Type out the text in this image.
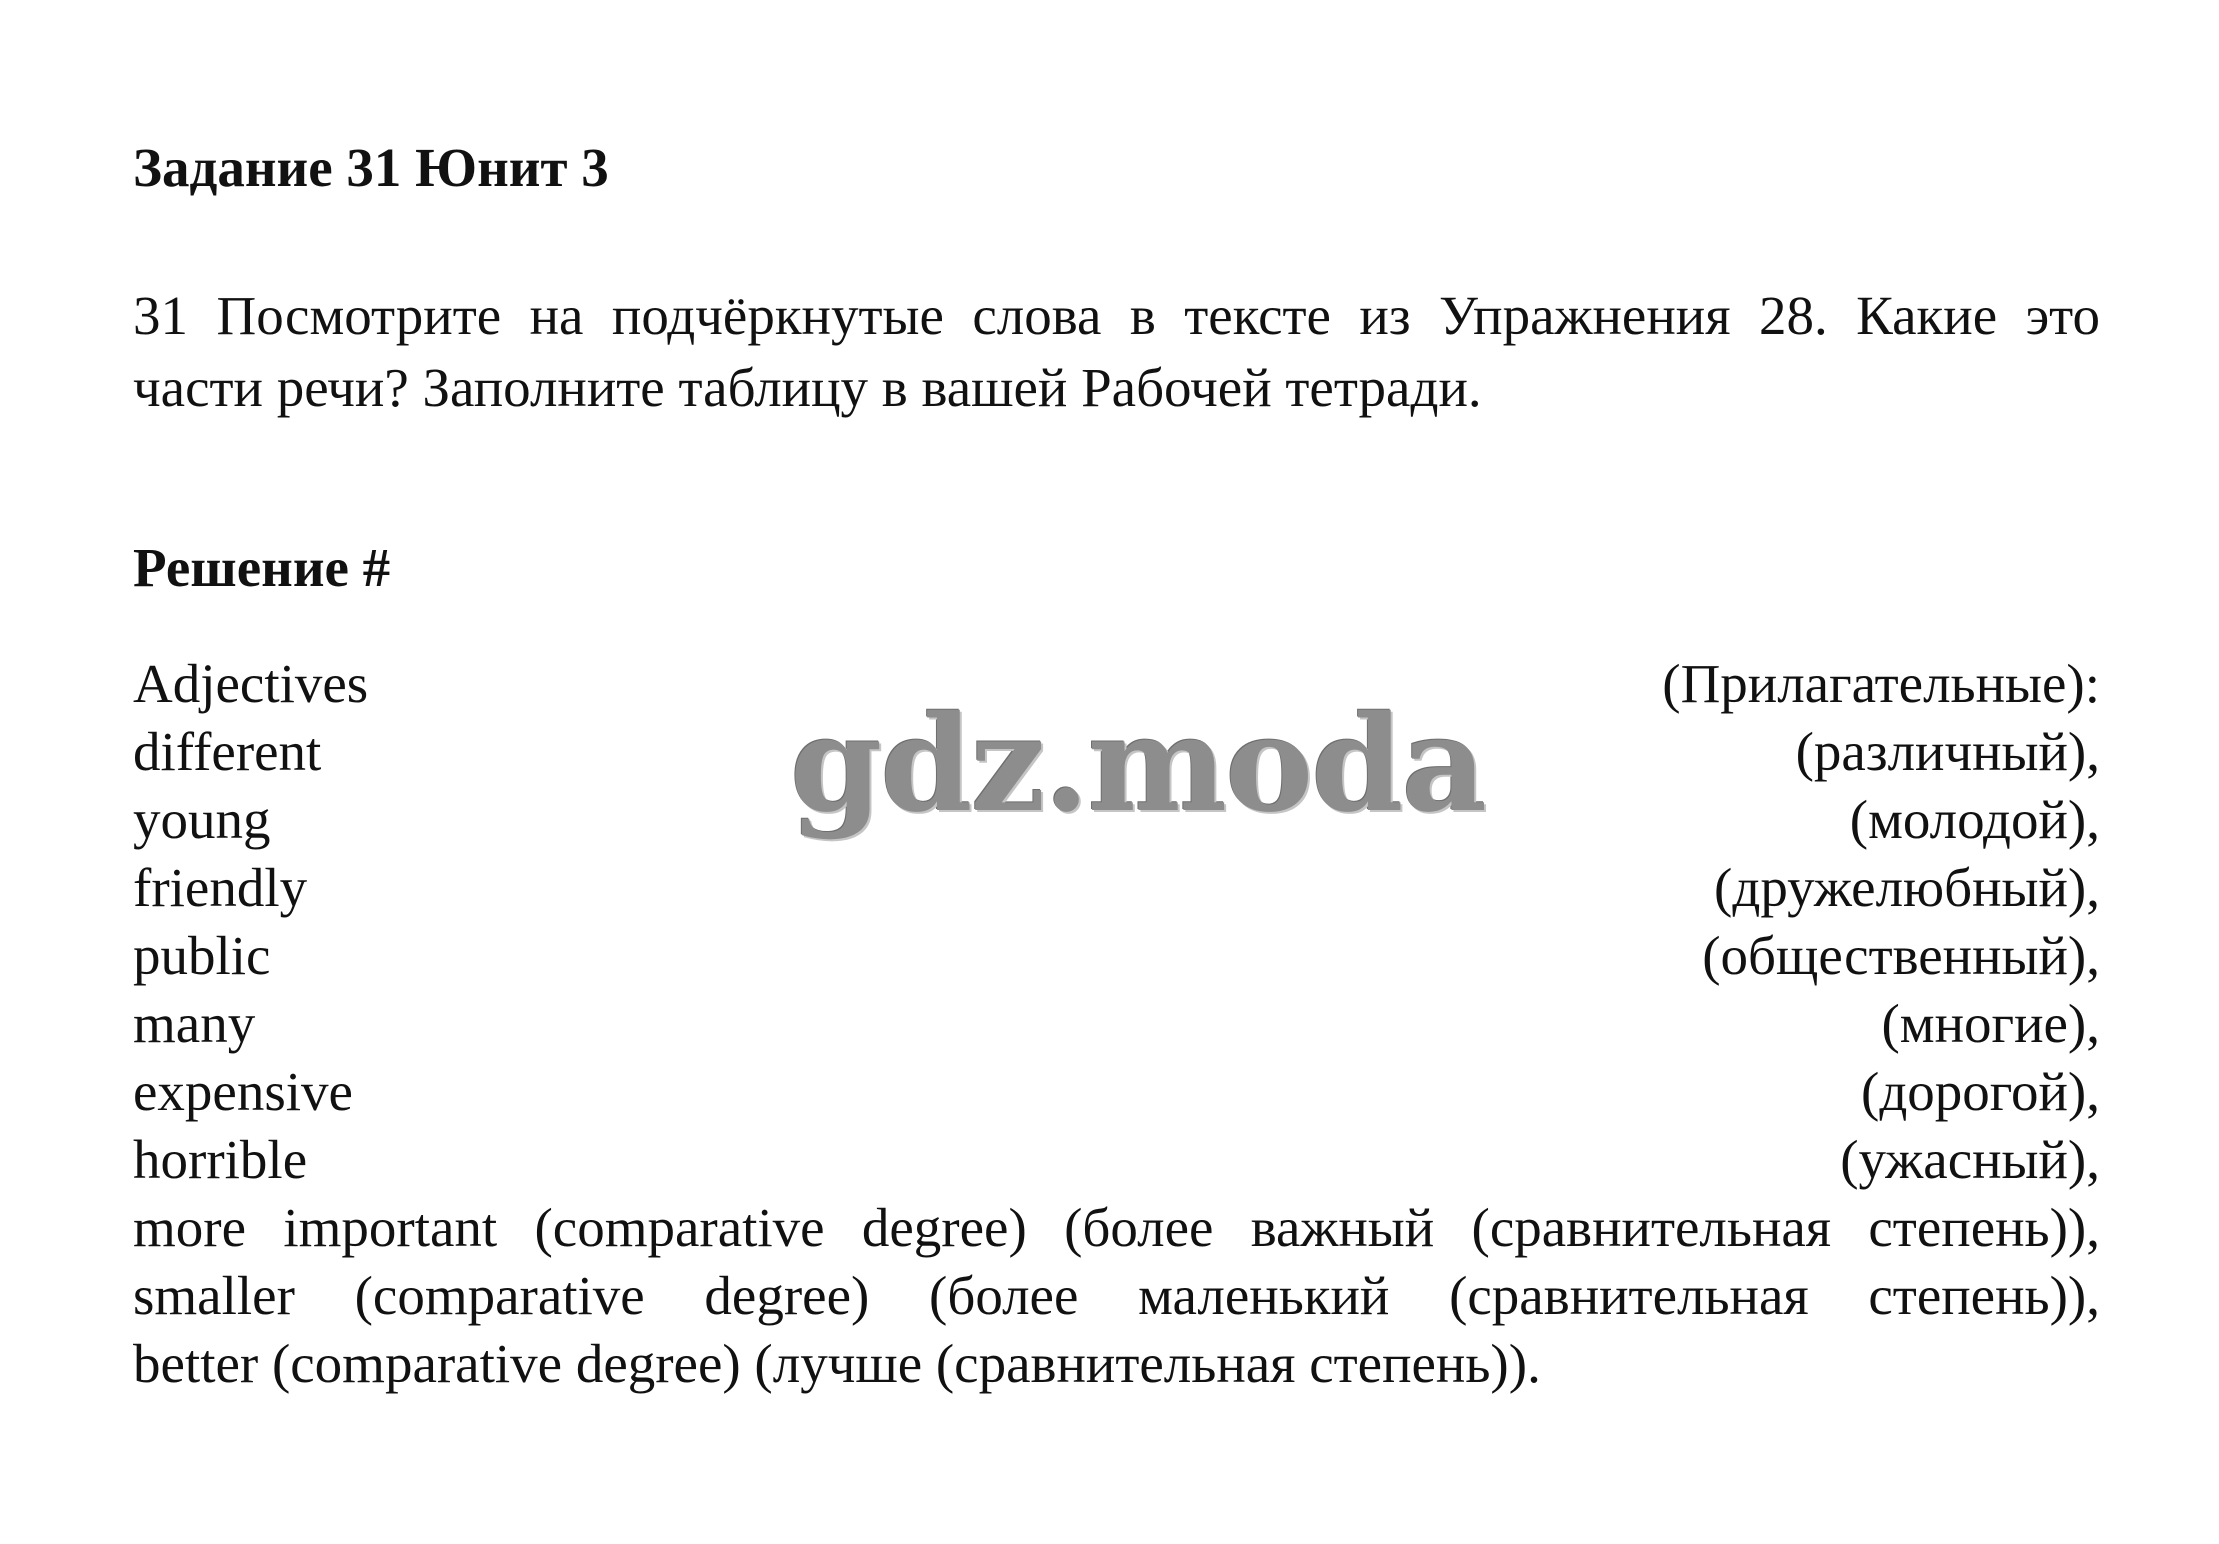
Задание 31 Юнит 3
31 Посмотрите на подчёркнутые слова в тексте из Упражнения 28. Какие это
части речи? Заполните таблицу в вашей Рабочей тетради.
Решение #
Adjectives	(Прилагательные):
different	(различный),
young	(молодой),
friendly	(дружелюбный),
public	(общественный),
many	(многие),
expensive	(дорогой),
horrible	(ужасный),
more important (comparative degree) (более важный (сравнительная степень)),
smaller (comparative degree) (более маленький (сравнительная степень)),
better (comparative degree) (лучше (сравнительная степень)).
gdz.moda
